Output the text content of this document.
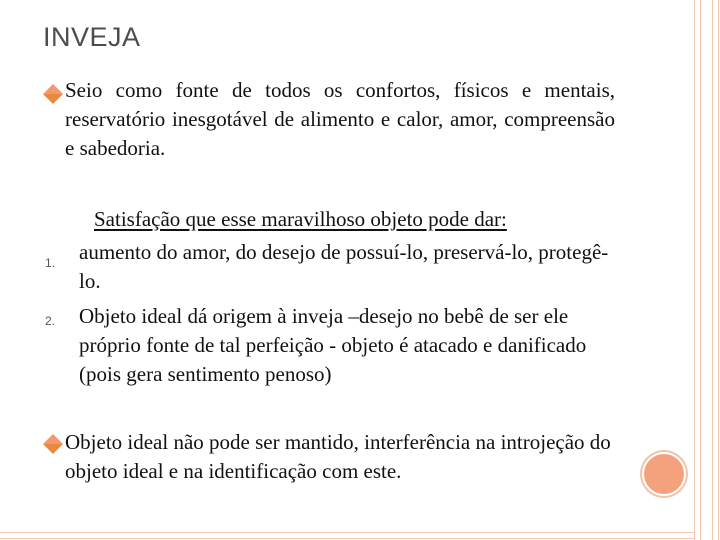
INVEJA
Seio como fonte de todos os confortos, físicos e mentais, reservatório inesgotável de alimento e calor, amor, compreensão e sabedoria.
Satisfação que esse maravilhoso objeto pode dar:
1. aumento do amor, do desejo de possuí-lo, preservá-lo, protegê-lo.
2. Objeto ideal dá origem à inveja –desejo no bebê de ser ele próprio fonte de tal perfeição - objeto é atacado e danificado (pois gera sentimento penoso)
Objeto ideal não pode ser mantido, interferência na introjeção do objeto ideal e na identificação com este.
